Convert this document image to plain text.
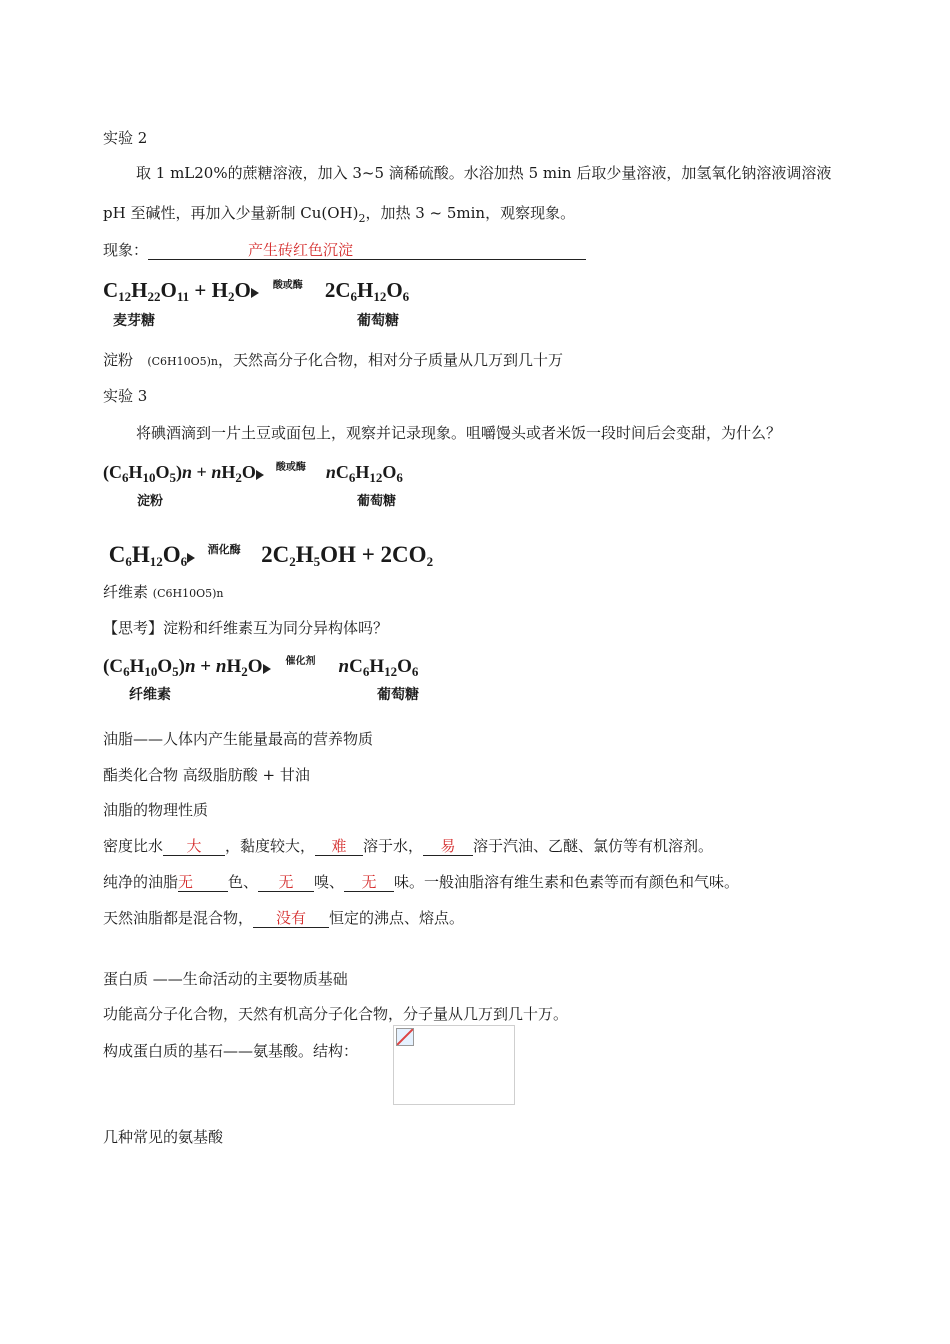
实验 2
取 1 mL20%的蔗糖溶液，加入 3~5 滴稀硫酸。水浴加热 5 min 后取少量溶液，加氢氧化钠溶液调溶液
pH 至碱性，再加入少量新制 $Cu(OH)_2$，加热 3 ~ 5min，观察现象。
现象：	产生砖红色沉淀
$C_{12}H_{22}O_{11} + H_2O$	酸或酶	$2C_6H_{12}O_6$
麦芽糖	葡萄糖
淀粉 (C6H10O5)n，天然高分子化合物，相对分子质量从几万到几十万
实验 3
将碘酒滴到一片土豆或面包上，观察并记录现象。咀嚼馒头或者米饭一段时间后会变甜，为什么？
$(C_6H_{10}O_5)n + nH_2O$	酸或酶	$nC_6H_{12}O_6$
淀粉	葡萄糖
$C_6H_{12}O_6$
酒化酶 $2C_2H_5OH + 2CO_2$
纤维素 (C6H10O5)n
【思考】淀粉和纤维素互为同分异构体吗？
$(C_6H_{10}O_5)n + nH_2O$	催化剂	$nC_6H_{12}O_6$
纤维素	葡萄糖
油脂——人体内产生能量最高的营养物质
酯类化合物 高级脂肪酸 + 甘油
油脂的物理性质
密度比水 大 ，黏度较大， 难 溶于水， 易 溶于汽油、乙醚、氯仿等有机溶剂。
纯净的油脂无 色、 无 嗅、 无 味。一般油脂溶有维生素和色素等而有颜色和气味。
天然油脂都是混合物， 没有 恒定的沸点、熔点。
蛋白质 ——生命活动的主要物质基础
功能高分子化合物，天然有机高分子化合物，分子量从几万到几十万。
构成蛋白质的基石——氨基酸。结构：
几种常见的氨基酸
